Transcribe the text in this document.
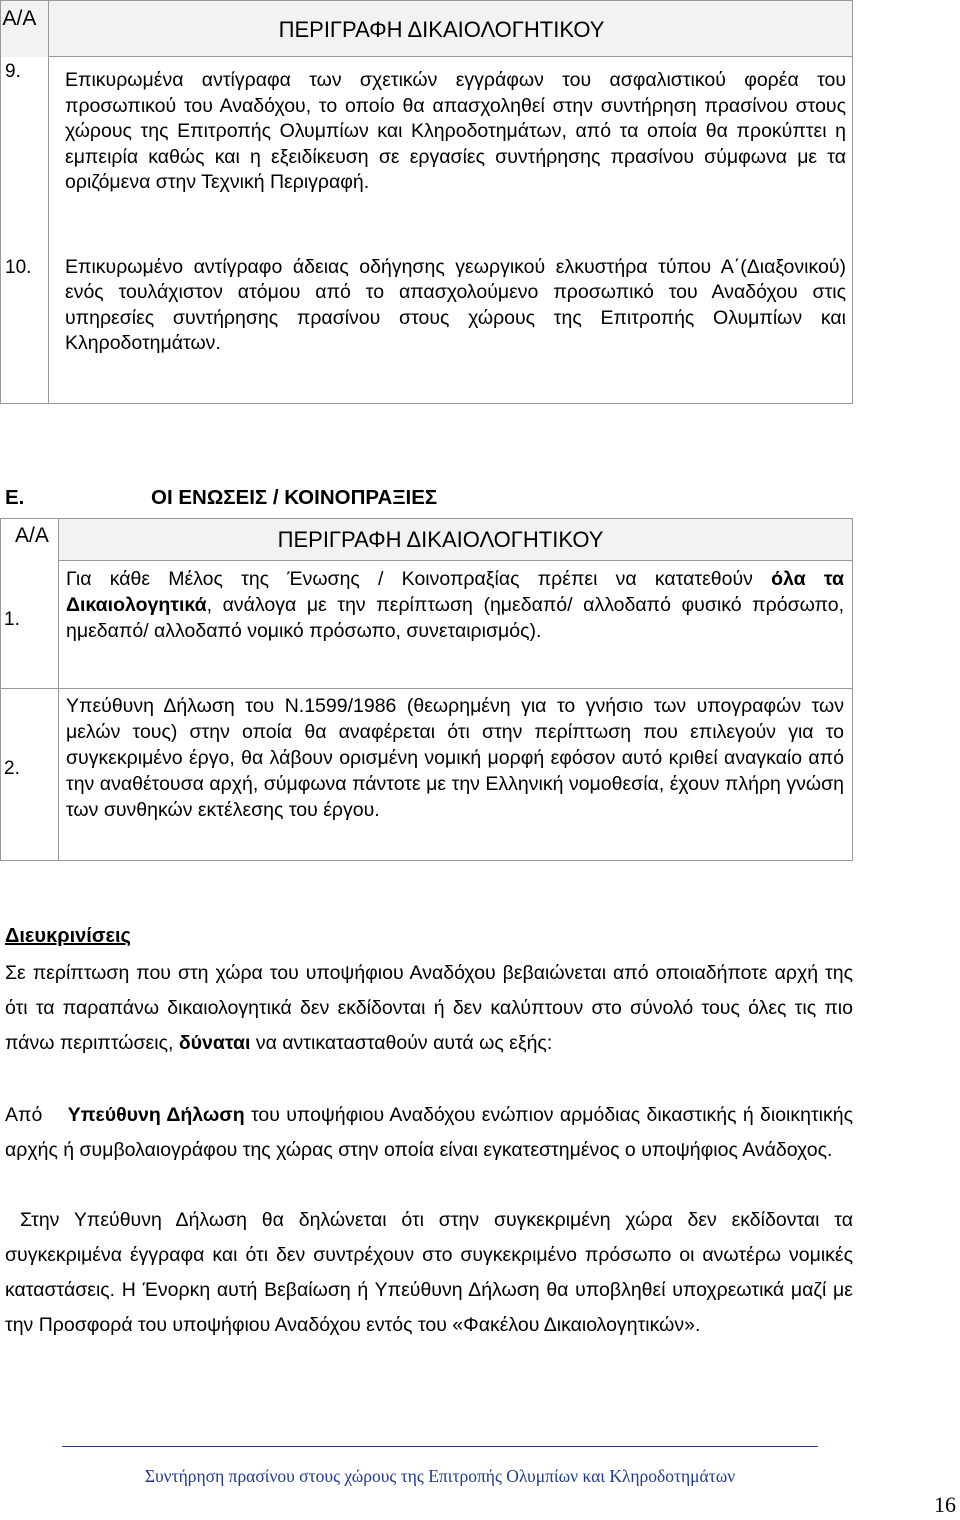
Α/Α	ΠΕΡΙΓΡΑΦΗ ΔΙΚΑΙΟΛΟΓΗΤΙΚΟΥ

9.	Επικυρωμένα αντίγραφα των σχετικών εγγράφων του ασφαλιστικού φορέα του προσωπικού του Αναδόχου, το οποίο θα απασχοληθεί στην συντήρηση πρασίνου στους χώρους της Επιτροπής Ολυμπίων και Κληροδοτημάτων, από τα οποία θα προκύπτει η εμπειρία καθώς και η εξειδίκευση σε εργασίες συντήρησης πρασίνου σύμφωνα με τα οριζόμενα στην Τεχνική Περιγραφή.

10.	Επικυρωμένο αντίγραφο άδειας οδήγησης γεωργικού ελκυστήρα τύπου Α΄(Διαξονικού) ενός τουλάχιστον ατόμου από το απασχολούμενο προσωπικό του Αναδόχου στις υπηρεσίες συντήρησης πρασίνου στους χώρους της Επιτροπής Ολυμπίων και Κληροδοτημάτων.
Ε.	ΟΙ ΕΝΩΣΕΙΣ / ΚΟΙΝΟΠΡΑΞΙΕΣ
Α/Α	ΠΕΡΙΓΡΑΦΗ ΔΙΚΑΙΟΛΟΓΗΤΙΚΟΥ

1.	Για κάθε Μέλος της Ένωσης / Κοινοπραξίας πρέπει να κατατεθούν όλα τα Δικαιολογητικά, ανάλογα με την περίπτωση (ημεδαπό/ αλλοδαπό φυσικό πρόσωπο, ημεδαπό/ αλλοδαπό νομικό πρόσωπο, συνεταιρισμός).

2.	Υπεύθυνη Δήλωση του Ν.1599/1986 (θεωρημένη για το γνήσιο των υπογραφών των μελών τους) στην οποία θα αναφέρεται ότι στην περίπτωση που επιλεγούν για το συγκεκριμένο έργο, θα λάβουν ορισμένη νομική μορφή εφόσον αυτό κριθεί αναγκαίο από την αναθέτουσα αρχή, σύμφωνα πάντοτε με την Ελληνική νομοθεσία, έχουν πλήρη γνώση των συνθηκών εκτέλεσης του έργου.
Διευκρινίσεις
Σε περίπτωση που στη χώρα του υποψήφιου Αναδόχου βεβαιώνεται από οποιαδήποτε αρχή της ότι τα παραπάνω δικαιολογητικά δεν εκδίδονται ή δεν καλύπτουν στο σύνολό τους όλες τις πιο πάνω περιπτώσεις, δύναται να αντικατασταθούν αυτά ως εξής:
Από Υπεύθυνη Δήλωση του υποψήφιου Αναδόχου ενώπιον αρμόδιας δικαστικής ή διοικητικής αρχής ή συμβολαιογράφου της χώρας στην οποία είναι εγκατεστημένος ο υποψήφιος Ανάδοχος.
Στην Υπεύθυνη Δήλωση θα δηλώνεται ότι στην συγκεκριμένη χώρα δεν εκδίδονται τα συγκεκριμένα έγγραφα και ότι δεν συντρέχουν στο συγκεκριμένο πρόσωπο οι ανωτέρω νομικές καταστάσεις. Η Ένορκη αυτή Βεβαίωση ή Υπεύθυνη Δήλωση θα υποβληθεί υποχρεωτικά μαζί με την Προσφορά του υποψήφιου Αναδόχου εντός του «Φακέλου Δικαιολογητικών».
Συντήρηση πρασίνου στους χώρους της Επιτροπής Ολυμπίων και Κληροδοτημάτων
16
